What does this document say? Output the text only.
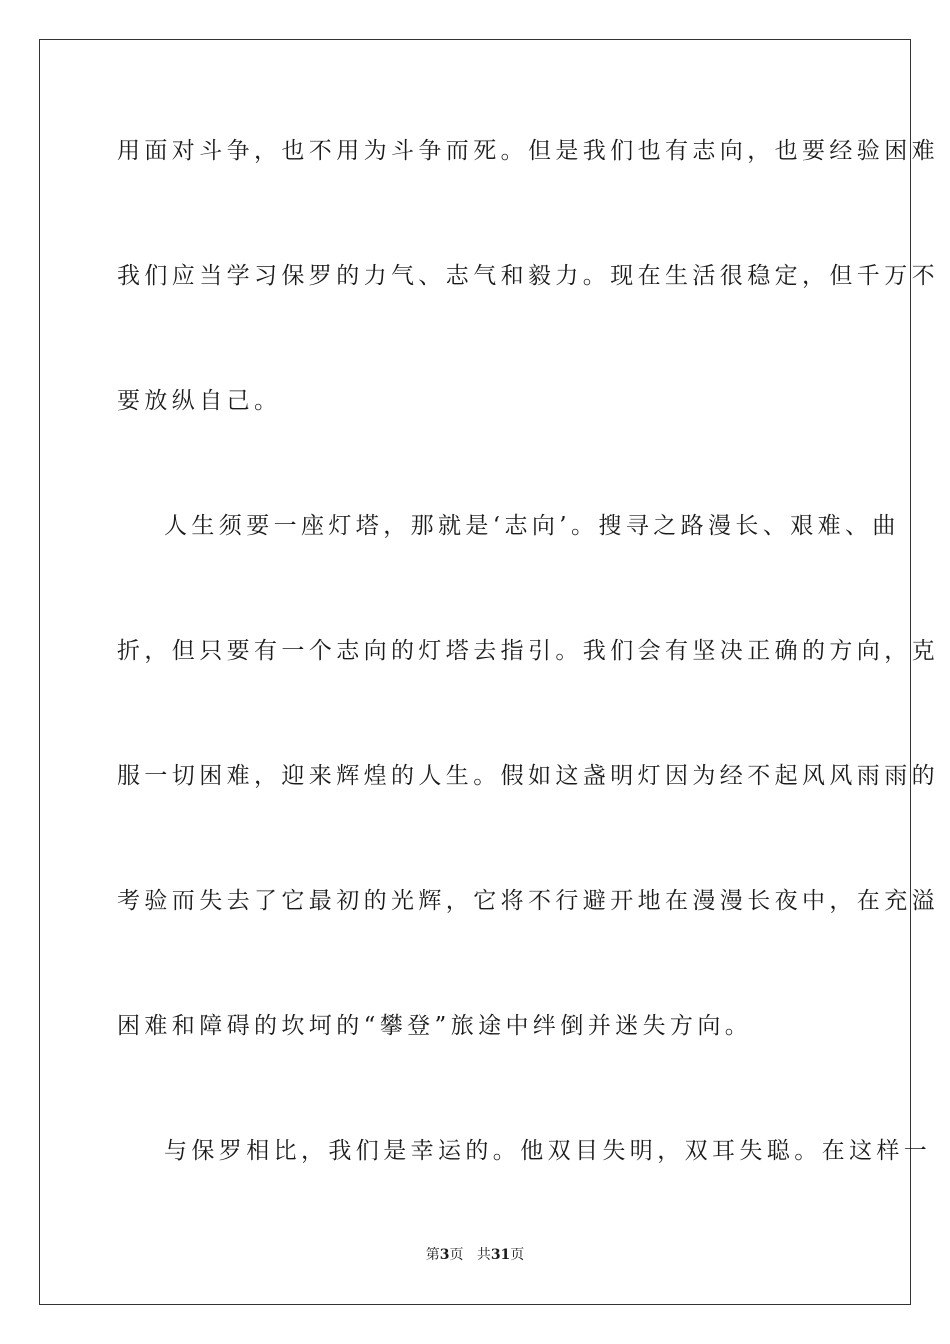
用面对斗争，也不用为斗争而死。但是我们也有志向，也要经验困难
我们应当学习保罗的力气、志气和毅力。现在生活很稳定，但千万不
要放纵自己。
人生须要一座灯塔，那就是‘志向’。搜寻之路漫长、艰难、曲
折，但只要有一个志向的灯塔去指引。我们会有坚决正确的方向，克
服一切困难，迎来辉煌的人生。假如这盏明灯因为经不起风风雨雨的
考验而失去了它最初的光辉，它将不行避开地在漫漫长夜中，在充溢
困难和障碍的坎坷的“攀登”旅途中绊倒并迷失方向。
与保罗相比，我们是幸运的。他双目失明，双耳失聪。在这样一
第3页 共31页
